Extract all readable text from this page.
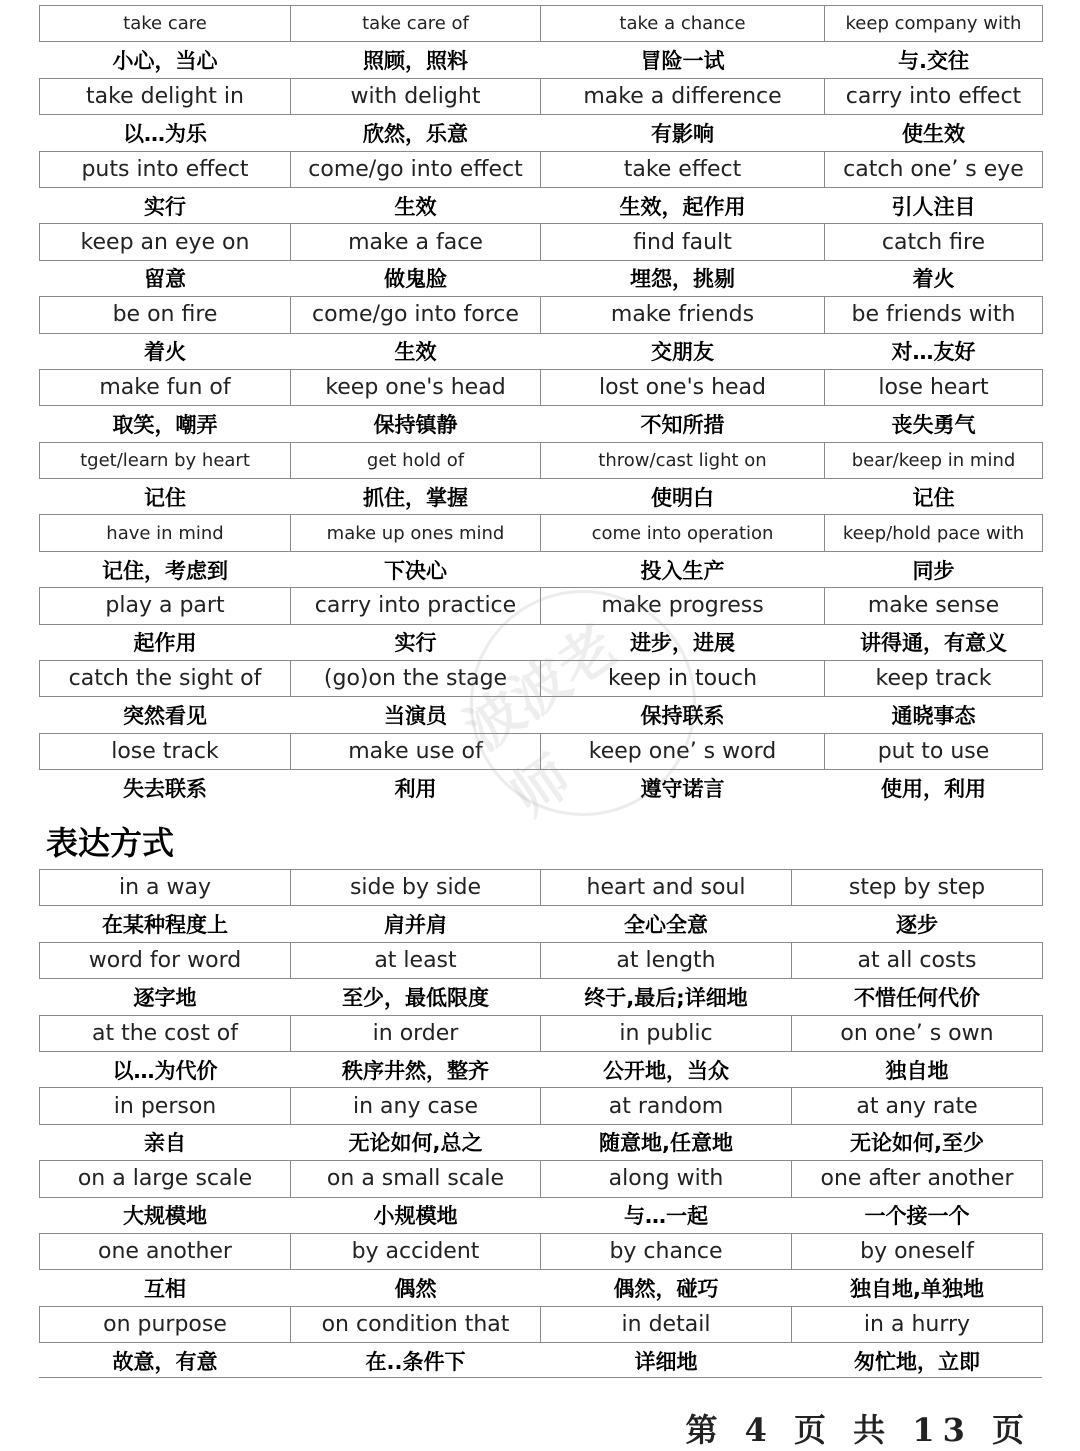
take care	take care of	take a chance	keep company with
小心，当心	照顾，照料	冒险一试	与.交往
take delight in	with delight	make a difference	carry into effect
以…为乐	欣然，乐意	有影响	使生效
puts into effect	come/go into effect	take effect	catch one’ s eye
实行	生效	生效，起作用	引人注目
keep an eye on	make a face	find fault	catch fire
留意	做鬼脸	埋怨，挑剔	着火
be on fire	come/go into force	make friends	be friends with
着火	生效	交朋友	对…友好
make fun of	keep one's head	lost one's head	lose heart
取笑，嘲弄	保持镇静	不知所措	丧失勇气
tget/learn by heart	get hold of	throw/cast light on	bear/keep in mind
记住	抓住，掌握	使明白	记住
have in mind	make up ones mind	come into operation	keep/hold pace with
记住，考虑到	下决心	投入生产	同步
play a part	carry into practice	make progress	make sense
起作用	实行	进步，进展	讲得通，有意义
catch the sight of	(go)on the stage	keep in touch	keep track
突然看见	当演员	保持联系	通晓事态
lose track	make use of	keep one’ s word	put to use
失去联系	利用	遵守诺言	使用，利用
表达方式
in a way	side by side	heart and soul	step by step
在某种程度上	肩并肩	全心全意	逐步
word for word	at least	at length	at all costs
逐字地	至少，最低限度	终于,最后;详细地	不惜任何代价
at the cost of	in order	in public	on one’ s own
以…为代价	秩序井然，整齐	公开地，当众	独自地
in person	in any case	at random	at any rate
亲自	无论如何,总之	随意地,任意地	无论如何,至少
on a large scale	on a small scale	along with	one after another
大规模地	小规模地	与…一起	一个接一个
one another	by accident	by chance	by oneself
互相	偶然	偶然，碰巧	独自地,单独地
on purpose	on condition that	in detail	in a hurry
故意，有意	在..条件下	详细地	匆忙地，立即
波波老师
第 4 页 共 13 页
